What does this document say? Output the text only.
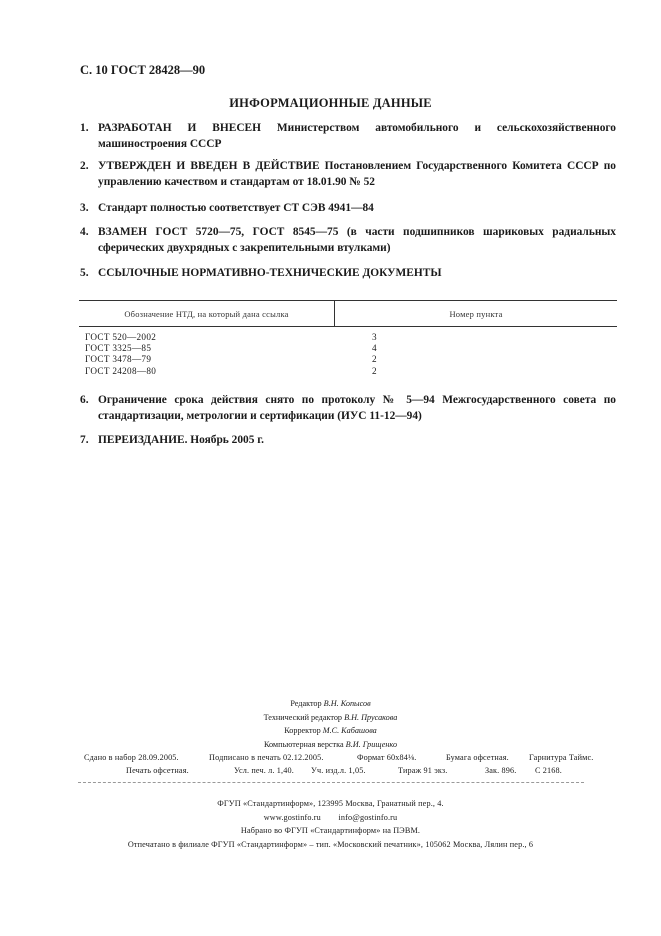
С. 10 ГОСТ 28428—90
ИНФОРМАЦИОННЫЕ ДАННЫЕ
1. РАЗРАБОТАН И ВНЕСЕН Министерством автомобильного и сельскохозяйственного машиностроения СССР
2. УТВЕРЖДЕН И ВВЕДЕН В ДЕЙСТВИЕ Постановлением Государственного Комитета СССР по управлению качеством и стандартам от 18.01.90 № 52
3. Стандарт полностью соответствует СТ СЭВ 4941—84
4. ВЗАМЕН ГОСТ 5720—75, ГОСТ 8545—75 (в части подшипников шариковых радиальных сферических двухрядных с закрепительными втулками)
5. ССЫЛОЧНЫЕ НОРМАТИВНО-ТЕХНИЧЕСКИЕ ДОКУМЕНТЫ
Обозначение НТД, на который дана ссылка	Номер пункта
ГОСТ 520—2002	3
ГОСТ 3325—85	4
ГОСТ 3478—79	2
ГОСТ 24208—80	2
6. Ограничение срока действия снято по протоколу № 5—94 Межгосударственного совета по стандартизации, метрологии и сертификации (ИУС 11-12—94)
7. ПЕРЕИЗДАНИЕ. Ноябрь 2005 г.
Редактор В.Н. Копысов
Технический редактор В.Н. Прусакова
Корректор М.С. Кабашова
Компьютерная верстка В.И. Грищенко
Сдано в набор 28.09.2005.	Подписано в печать 02.12.2005.	Формат 60х84⅛.	Бумага офсетная. Гарнитура Таймс.
Печать офсетная.	Усл. печ. л. 1,40. Уч. изд.л. 1,05.	Тираж 91 экз.	Зак. 896. С 2168.
ФГУП «Стандартинформ», 123995 Москва, Гранатный пер., 4.
www.gostinfo.ru        info@gostinfo.ru
Набрано во ФГУП «Стандартинформ» на ПЭВМ.
Отпечатано в филиале ФГУП «Стандартинформ» – тип. «Московский печатник», 105062 Москва, Лялин пер., 6
